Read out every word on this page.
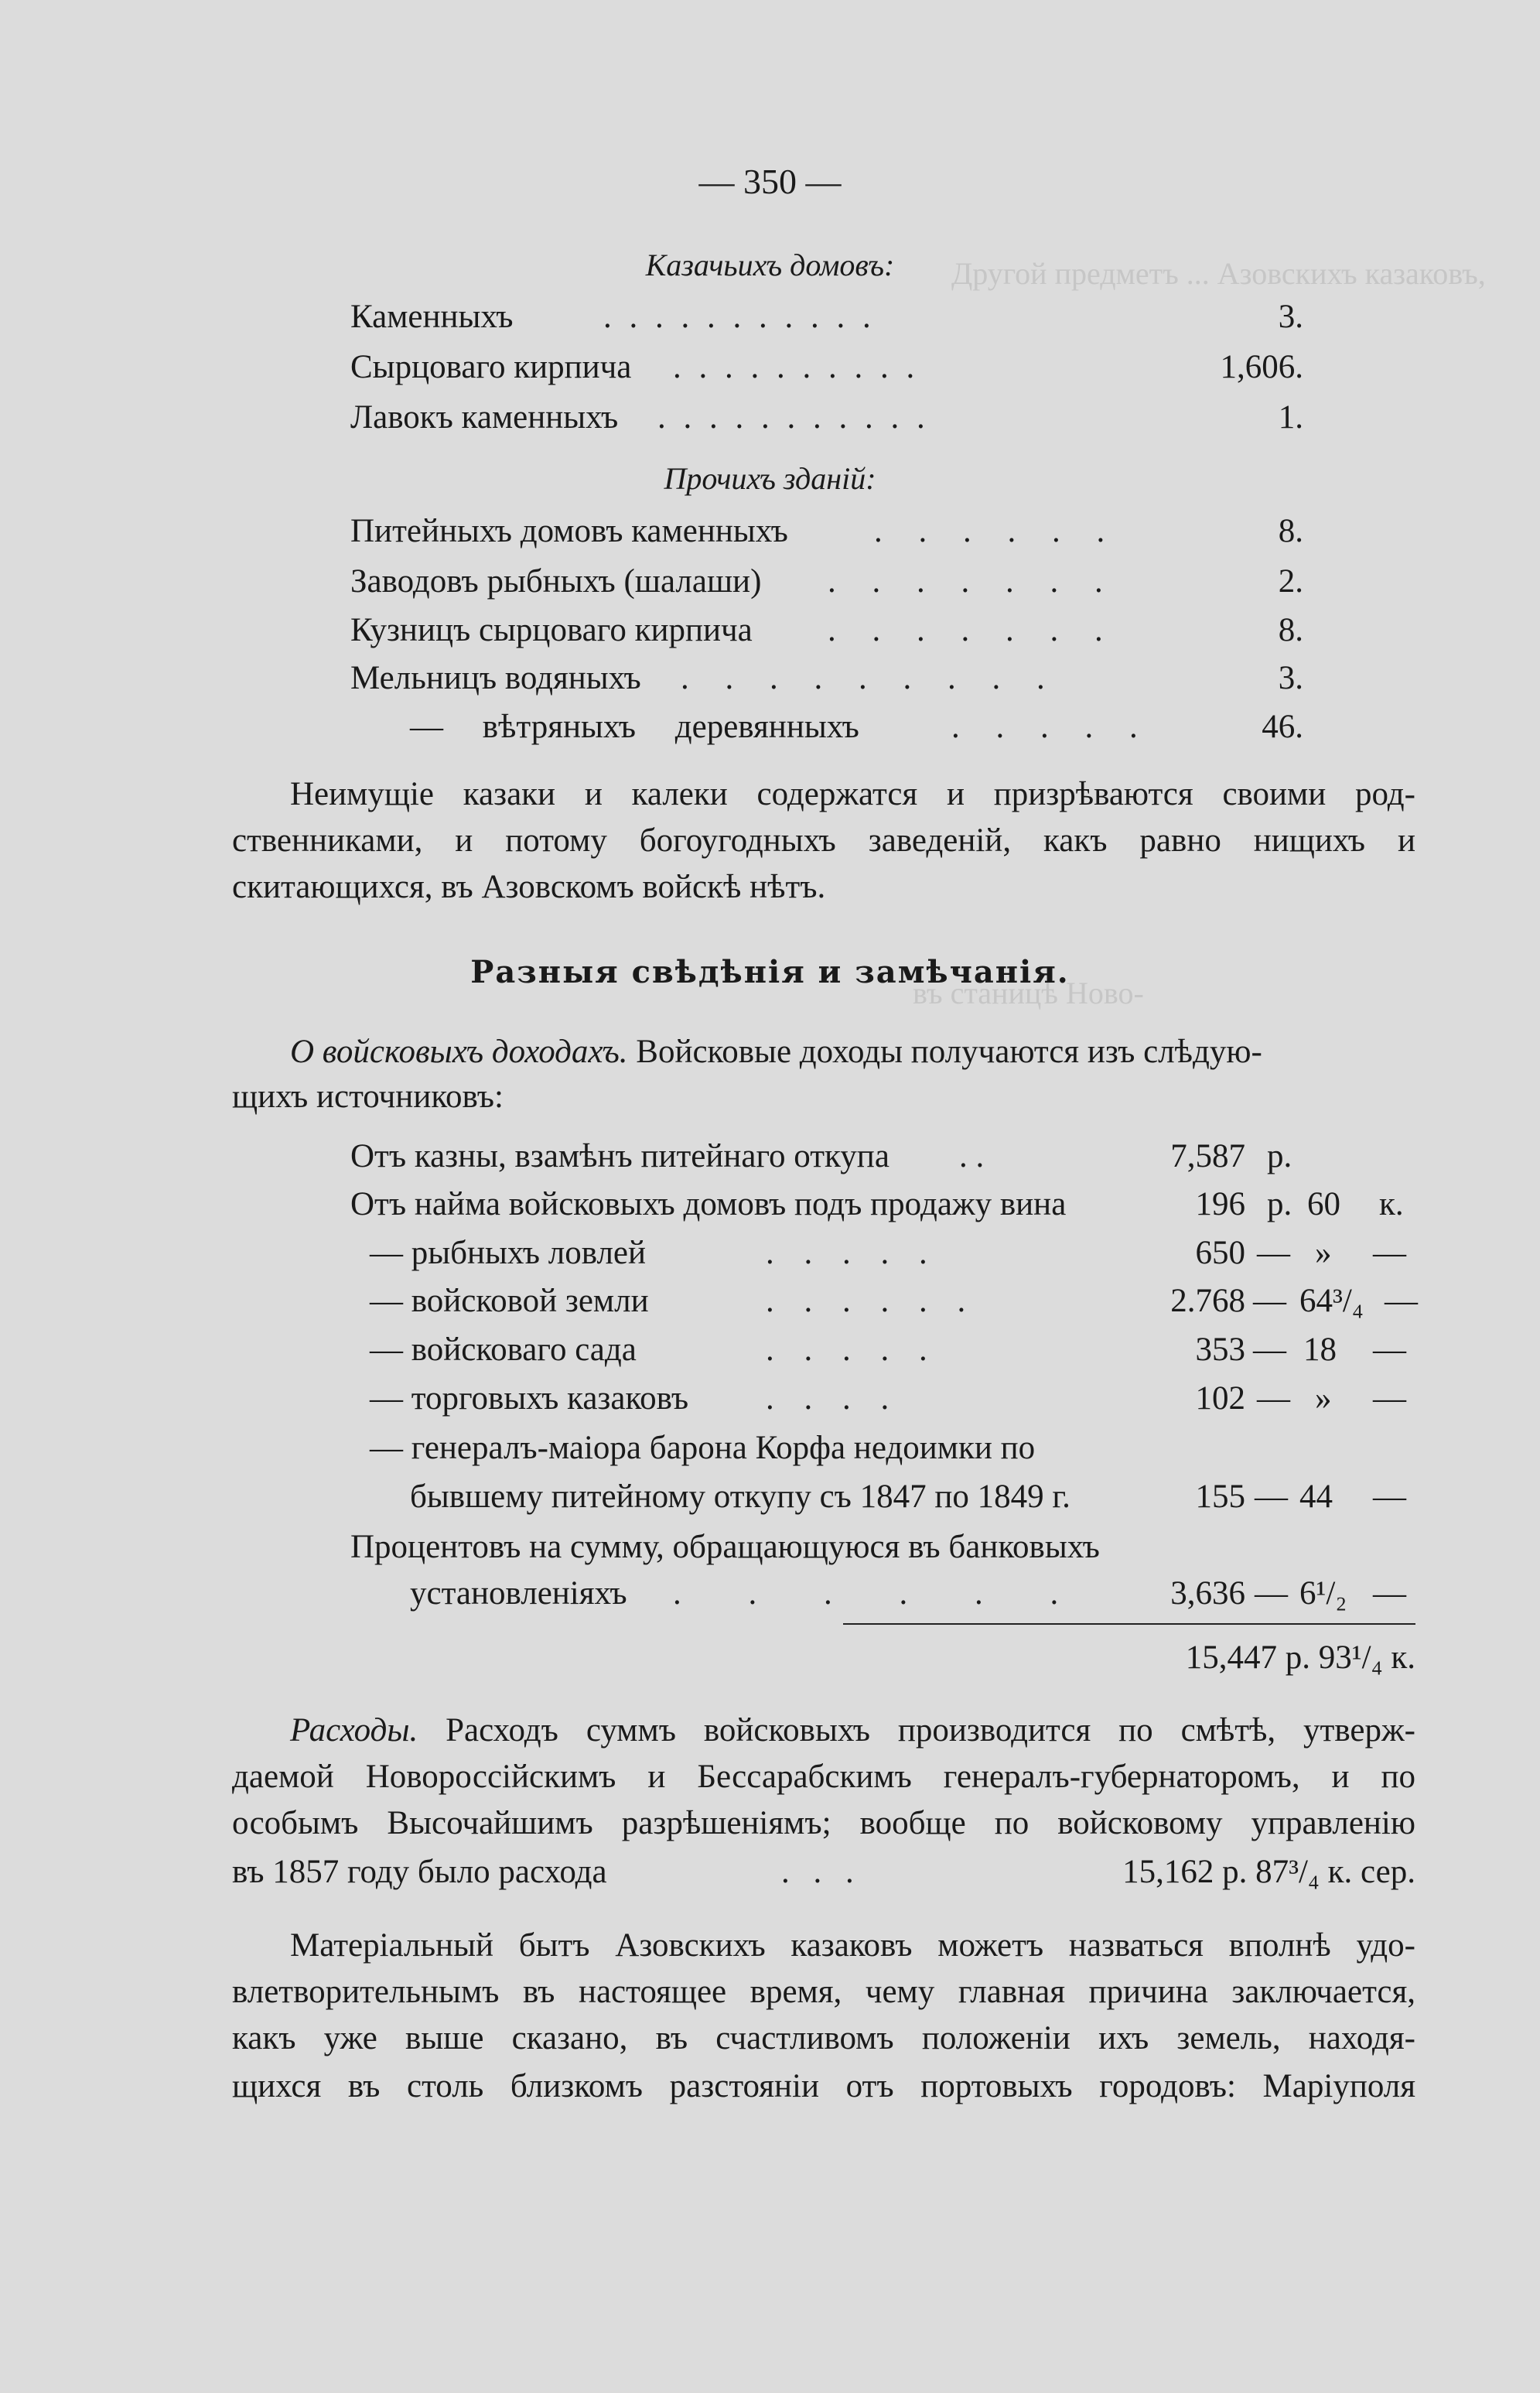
Другой предметъ ... Азовскихъ казаковъ,
въ станицѣ Ново-
— 350 —
Казачьихъ домовъ:
Каменныхъ	. . . . . . . . . . .	3.
Сырцоваго кирпича . . . . . . . . . .	1,606.
Лавокъ каменныхъ . . . . . . . . . . .	1.
Прочихъ зданій:
Питейныхъ домовъ каменныхъ	. . . . . .	8.
Заводовъ рыбныхъ (шалаши) . . . . . . .	2.
Кузницъ сырцоваго кирпича . . . . . . .	8.
Мельницъ водяныхъ . . . . . . . . .	3.
— вѣтряныхъ деревянныхъ	. . . . .	46.
Неимущіе казаки и калеки содержатся и призрѣваются своими род-
ственниками, и потому богоугодныхъ заведеній, какъ равно нищихъ и
скитающихся, въ Азовскомъ войскѣ нѣтъ.
Разныя свѣдѣнія и замѣчанія.
О войсковыхъ доходахъ. Войсковые доходы получаются изъ слѣдую-
щихъ источниковъ:
Отъ казны, взамѣнъ питейнаго откупа . .	7,587 р.
Отъ найма войсковыхъ домовъ подъ продажу вина	196 р. 60 к.
— рыбныхъ ловлей	. . . . .	650 — » —
— войсковой земли	. . . . . .	2.768 — 64³/₄ —
— войсковаго сада	. . . . .	353 — 18 —
— торговыхъ казаковъ . . . .	102 — » —
— генералъ-маіора барона Корфа недоимки по
бывшему питейному откупу съ 1847 по 1849 г.	155 — 44 —
Процентовъ на сумму, обращающуюся въ банковыхъ
установленіяхъ . . . . . .	3,636 — 6¹/₂ —
15,447 р. 93¹/₄ к.
Расходы. Расходъ суммъ войсковыхъ производится по смѣтѣ, утверж-
даемой Новороссійскимъ и Бессарабскимъ генералъ-губернаторомъ, и по
особымъ Высочайшимъ разрѣшеніямъ; вообще по войсковому управленію
въ 1857 году было расхода	. . .	15,162 р. 87³/₄ к. сер.
Матеріальный бытъ Азовскихъ казаковъ можетъ назваться вполнѣ удо-
влетворительнымъ въ настоящее время, чему главная причина заключается,
какъ уже выше сказано, въ счастливомъ положеніи ихъ земель, находя-
щихся въ столь близкомъ разстояніи отъ портовыхъ городовъ: Маріуполя
